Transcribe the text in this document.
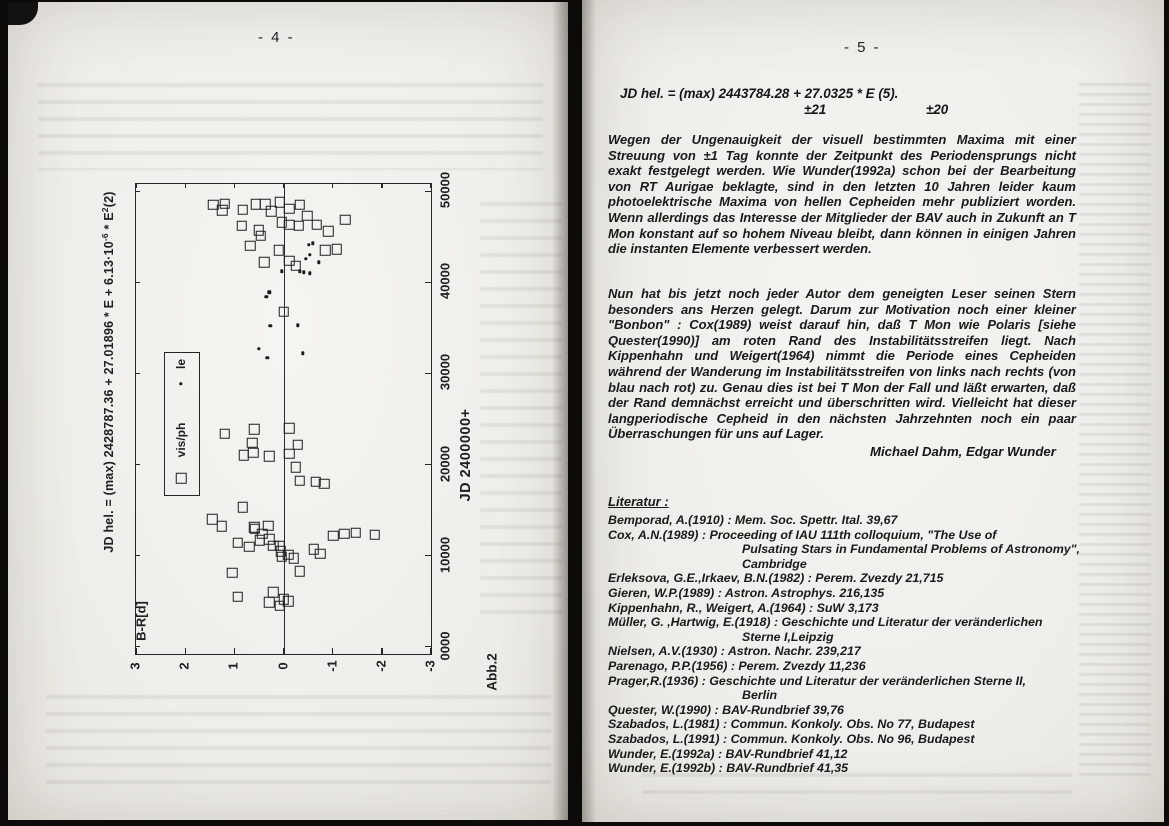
- 4 -
JD hel. = (max) $2428787.36 + 27.01896 * E + 6.13\cdot 10^{-6} * E^2(2)$
B-R[d]
le
vis/ph	JD 2400000+
Abb.2
3	2	1	0	-1	-2	-3
0000
10000
20000
30000
40000
50000
- 5 -
JD hel. = (max) 2443784.28 + 27.0325 * E (5).
±21	±20
Wegen der Ungenauigkeit der visuell bestimmten Maxima mit einer Streuung von ±1 Tag konnte der Zeitpunkt des Periodensprungs nicht exakt festgelegt werden. Wie Wunder(1992a) schon bei der Bearbeitung von RT Aurigae beklagte, sind in den letzten 10 Jahren leider kaum photoelektrische Maxima von hellen Cepheiden mehr publiziert worden. Wenn allerdings das Interesse der Mitglieder der BAV auch in Zukunft an T Mon konstant auf so hohem Niveau bleibt, dann können in einigen Jahren die instanten Elemente verbessert werden.
Nun hat bis jetzt noch jeder Autor dem geneigten Leser seinen Stern besonders ans Herzen gelegt. Darum zur Motivation noch einer kleiner "Bonbon" : Cox(1989) weist darauf hin, daß T Mon wie Polaris [siehe Quester(1990)] am roten Rand des Instabilitätsstreifen liegt. Nach Kippenhahn und Weigert(1964) nimmt die Periode eines Cepheiden während der Wanderung im Instabilitätsstreifen von links nach rechts (von blau nach rot) zu. Genau dies ist bei T Mon der Fall und läßt erwarten, daß der Rand demnächst erreicht und überschritten wird. Vielleicht hat dieser langperiodische Cepheid in den nächsten Jahrzehnten noch ein paar Überraschungen für uns auf Lager.
Michael Dahm, Edgar Wunder
Literatur :
Bemporad, A.(1910) : Mem. Soc. Spettr. Ital. 39,67
Cox, A.N.(1989) : Proceeding of IAU 111th colloquium, "The Use of
Pulsating Stars in Fundamental Problems of Astronomy",
Cambridge
Erleksova, G.E.,Irkaev, B.N.(1982) : Perem. Zvezdy 21,715
Gieren, W.P.(1989) : Astron. Astrophys. 216,135
Kippenhahn, R., Weigert, A.(1964) : SuW 3,173
Müller, G. ,Hartwig, E.(1918) : Geschichte und Literatur der veränderlichen
Sterne I,Leipzig
Nielsen, A.V.(1930) : Astron. Nachr. 239,217
Parenago, P.P.(1956) : Perem. Zvezdy 11,236
Prager,R.(1936) : Geschichte und Literatur der veränderlichen Sterne II,
Berlin
Quester, W.(1990) : BAV-Rundbrief 39,76
Szabados, L.(1981) : Commun. Konkoly. Obs. No 77, Budapest
Szabados, L.(1991) : Commun. Konkoly. Obs. No 96, Budapest
Wunder, E.(1992a) : BAV-Rundbrief 41,12
Wunder, E.(1992b) : BAV-Rundbrief 41,35
